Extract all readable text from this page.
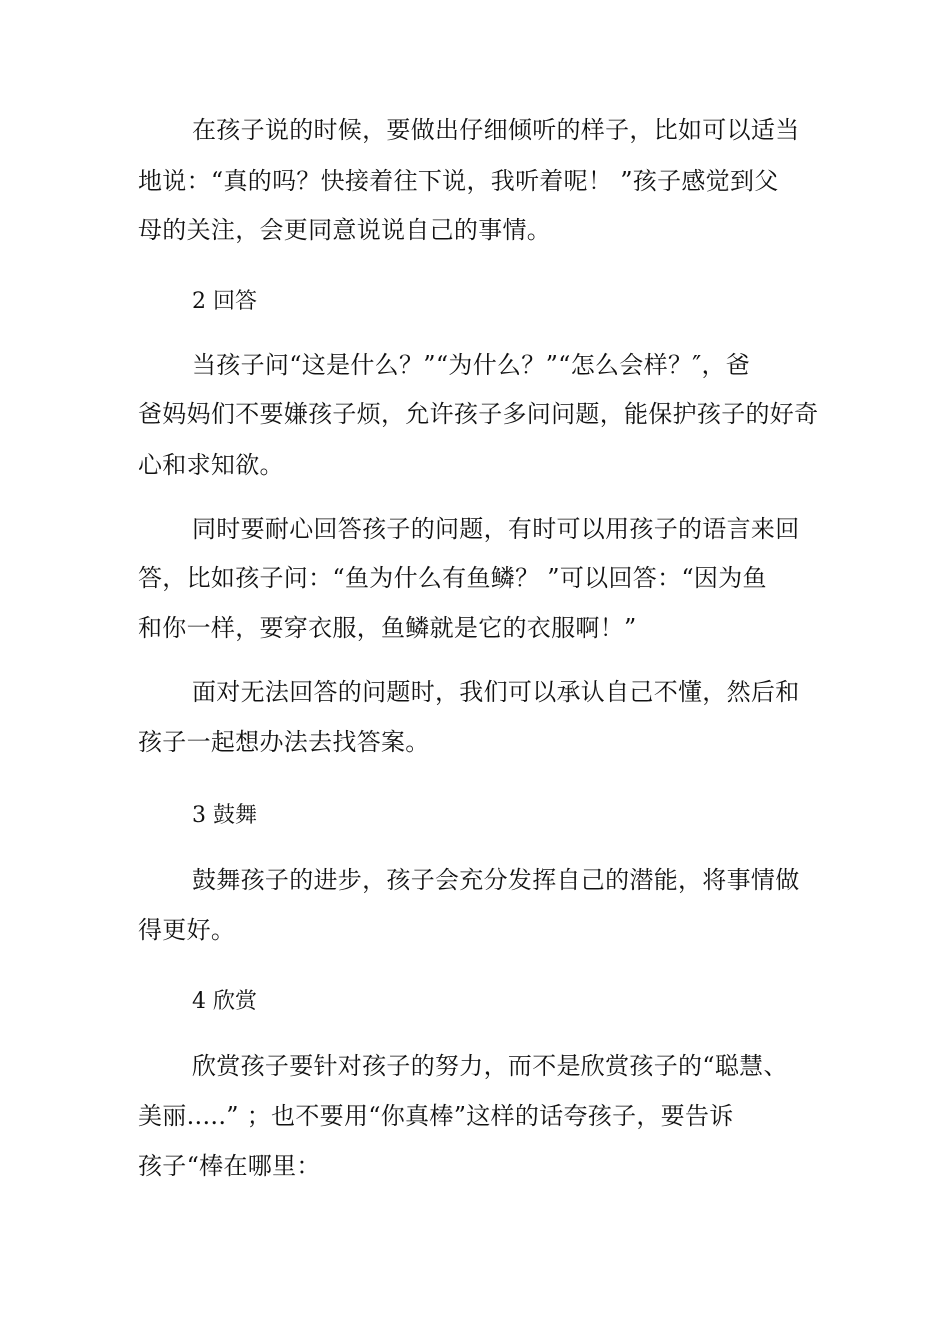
在孩子说的时候，要做出仔细倾听的样子，比如可以适当
地说：“真的吗？快接着往下说，我听着呢！ ”孩子感觉到父
母的关注，会更同意说说自己的事情。
2 回答
当孩子问“这是什么？”“为什么？”“怎么会样？″，爸
爸妈妈们不要嫌孩子烦，允许孩子多问问题，能保护孩子的好奇
心和求知欲。
同时要耐心回答孩子的问题，有时可以用孩子的语言来回
答，比如孩子问：“鱼为什么有鱼鳞？ ”可以回答：“因为鱼
和你一样，要穿衣服，鱼鳞就是它的衣服啊！”
面对无法回答的问题时，我们可以承认自己不懂，然后和
孩子一起想办法去找答案。
3 鼓舞
鼓舞孩子的进步，孩子会充分发挥自己的潜能，将事情做
得更好。
4 欣赏
欣赏孩子要针对孩子的努力，而不是欣赏孩子的“聪慧、
美丽.....” ；也不要用“你真棒”这样的话夸孩子，要告诉
孩子“棒在哪里：
